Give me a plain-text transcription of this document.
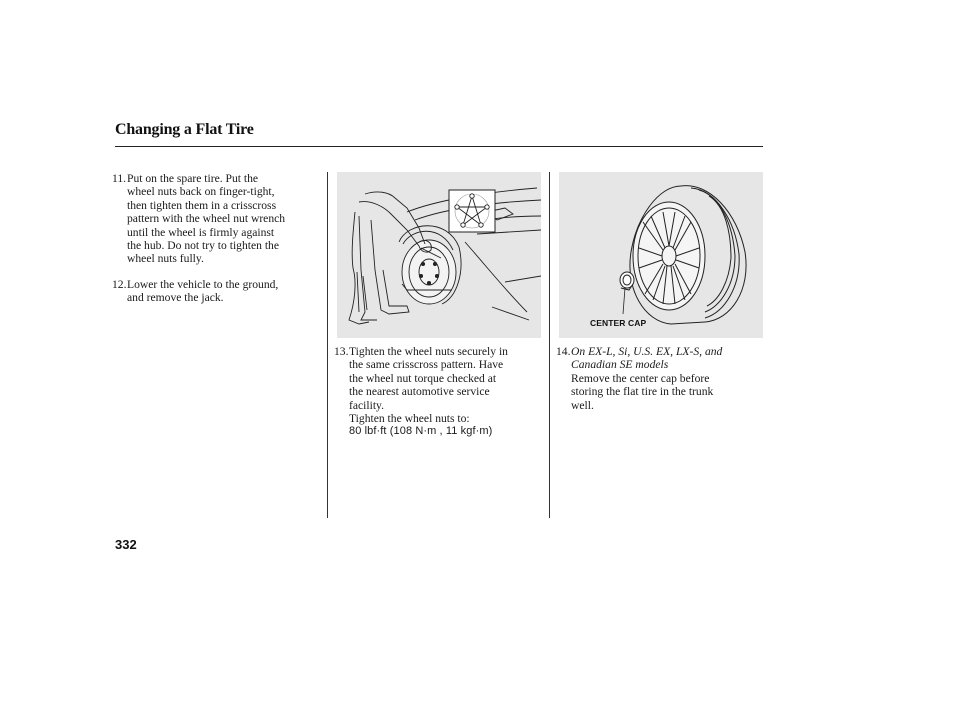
Changing a Flat Tire
11. Put on the spare tire. Put the

wheel nuts back on finger-tight,

then tighten them in a crisscross

pattern with the wheel nut wrench

until the wheel is firmly against

the hub. Do not try to tighten the

wheel nuts fully.

12. Lower the vehicle to the ground,

and remove the jack.

CENTER CAP
13. Tighten the wheel nuts securely in

the same crisscross pattern. Have

the wheel nut torque checked at

the nearest automotive service

facility.

Tighten the wheel nuts to:

80 lbf·ft (108 N·m , 11 kgf·m)

14. On EX-L, Si, U.S. EX, LX-S, and

Canadian SE models

Remove the center cap before

storing the flat tire in the trunk

well.

332
